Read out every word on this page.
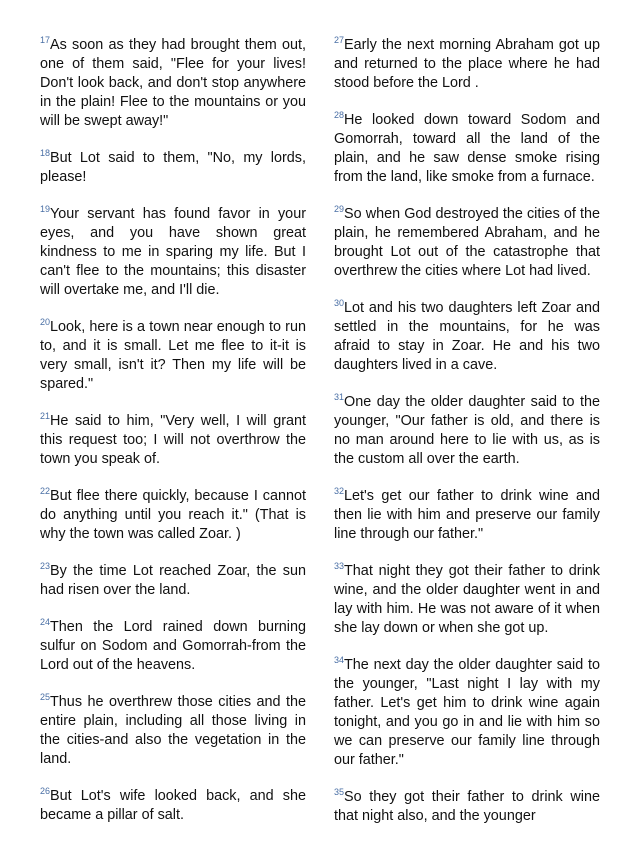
$^{17}$As soon as they had brought them out, one of them said, "Flee for your lives! Don't look back, and don't stop anywhere in the plain! Flee to the mountains or you will be swept away!"

$^{18}$But Lot said to them, "No, my lords, please!

$^{19}$Your servant has found favor in your eyes, and you have shown great kindness to me in sparing my life. But I can't flee to the mountains; this disaster will overtake me, and I'll die.

$^{20}$Look, here is a town near enough to run to, and it is small. Let me flee to it-it is very small, isn't it? Then my life will be spared."

$^{21}$He said to him, "Very well, I will grant this request too; I will not overthrow the town you speak of.

$^{22}$But flee there quickly, because I cannot do anything until you reach it." (That is why the town was called Zoar. )

$^{23}$By the time Lot reached Zoar, the sun had risen over the land.

$^{24}$Then the Lord rained down burning sulfur on Sodom and Gomorrah-from the Lord out of the heavens.

$^{25}$Thus he overthrew those cities and the entire plain, including all those living in the cities-and also the vegetation in the land.

$^{26}$But Lot's wife looked back, and she became a pillar of salt.

$^{27}$Early the next morning Abraham got up and returned to the place where he had stood before the Lord .

$^{28}$He looked down toward Sodom and Gomorrah, toward all the land of the plain, and he saw dense smoke rising from the land, like smoke from a furnace.

$^{29}$So when God destroyed the cities of the plain, he remembered Abraham, and he brought Lot out of the catastrophe that overthrew the cities where Lot had lived.

$^{30}$Lot and his two daughters left Zoar and settled in the mountains, for he was afraid to stay in Zoar. He and his two daughters lived in a cave.

$^{31}$One day the older daughter said to the younger, "Our father is old, and there is no man around here to lie with us, as is the custom all over the earth.

$^{32}$Let's get our father to drink wine and then lie with him and preserve our family line through our father."

$^{33}$That night they got their father to drink wine, and the older daughter went in and lay with him. He was not aware of it when she lay down or when she got up.

$^{34}$The next day the older daughter said to the younger, "Last night I lay with my father. Let's get him to drink wine again tonight, and you go in and lie with him so we can preserve our family line through our father."

$^{35}$So they got their father to drink wine that night also, and the younger
